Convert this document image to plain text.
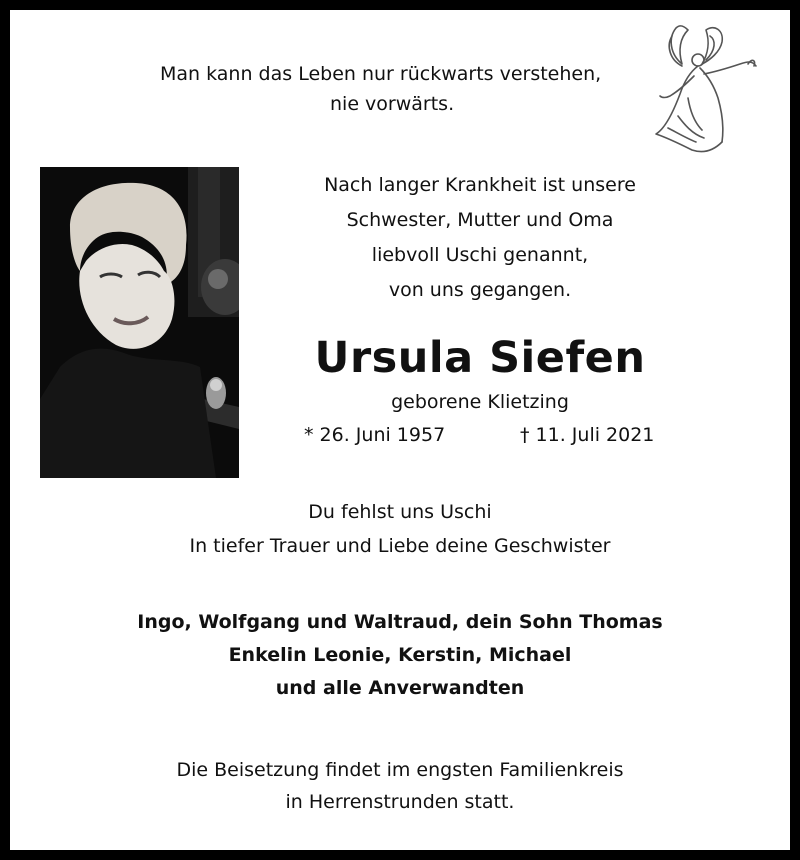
Man kann das Leben nur rückwarts verstehen,
nie vorwärts.
Nach langer Krankheit ist unsere
Schwester, Mutter und Oma
liebvoll Uschi genannt,
von uns gegangen.
Ursula Siefen
geborene Klietzing
* 26. Juni 1957	† 11. Juli 2021
Du fehlst uns Uschi
In tiefer Trauer und Liebe deine Geschwister
Ingo, Wolfgang und Waltraud, dein Sohn Thomas
Enkelin Leonie, Kerstin, Michael
und alle Anverwandten
Die Beisetzung findet im engsten Familienkreis
in Herrenstrunden statt.
